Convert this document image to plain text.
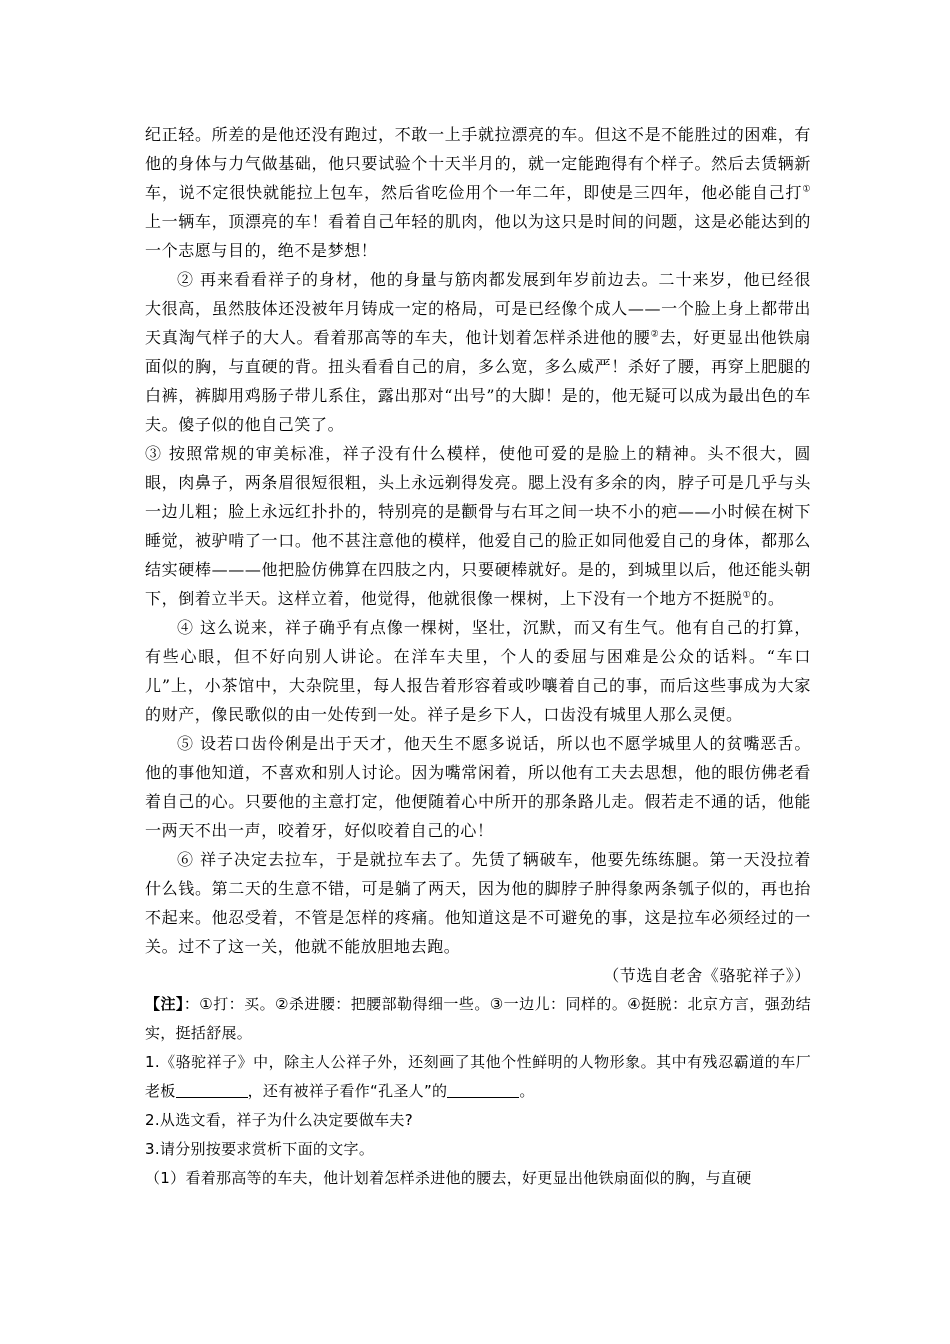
纪正轻。所差的是他还没有跑过，不敢一上手就拉漂亮的车。但这不是不能胜过的困难，有他的身体与力气做基础，他只要试验个十天半月的，就一定能跑得有个样子。然后去赁辆新车，说不定很快就能拉上包车，然后省吃俭用个一年二年，即使是三四年，他必能自己打①上一辆车，顶漂亮的车！看着自己年轻的肌肉，他以为这只是时间的问题，这是必能达到的一个志愿与目的，绝不是梦想！

② 再来看看祥子的身材，他的身量与筋肉都发展到年岁前边去。二十来岁，他已经很大很高，虽然肢体还没被年月铸成一定的格局，可是已经像个成人——一个脸上身上都带出天真淘气样子的大人。看着那高等的车夫，他计划着怎样杀进他的腰②去，好更显出他铁扇面似的胸，与直硬的背。扭头看看自己的肩，多么宽，多么威严！杀好了腰，再穿上肥腿的白裤，裤脚用鸡肠子带儿系住，露出那对“出号”的大脚！是的，他无疑可以成为最出色的车夫。傻子似的他自己笑了。

③ 按照常规的审美标准，祥子没有什么模样，使他可爱的是脸上的精神。头不很大，圆眼，肉鼻子，两条眉很短很粗，头上永远剃得发亮。腮上没有多余的肉，脖子可是几乎与头一边儿粗；脸上永远红扑扑的，特别亮的是颧骨与右耳之间一块不小的疤——小时候在树下睡觉，被驴啃了一口。他不甚注意他的模样，他爱自己的脸正如同他爱自己的身体，都那么结实硬棒———他把脸仿佛算在四肢之内，只要硬棒就好。是的，到城里以后，他还能头朝下，倒着立半天。这样立着，他觉得，他就很像一棵树，上下没有一个地方不挺脱①的。

④ 这么说来，祥子确乎有点像一棵树，坚壮，沉默，而又有生气。他有自己的打算，有些心眼，但不好向别人讲论。在洋车夫里，个人的委屈与困难是公众的话料。“车口儿”上，小茶馆中，大杂院里，每人报告着形容着或吵嚷着自己的事，而后这些事成为大家的财产，像民歌似的由一处传到一处。祥子是乡下人，口齿没有城里人那么灵便。

⑤ 设若口齿伶俐是出于天才，他天生不愿多说话，所以也不愿学城里人的贫嘴恶舌。他的事他知道，不喜欢和别人讨论。因为嘴常闲着，所以他有工夫去思想，他的眼仿佛老看着自己的心。只要他的主意打定，他便随着心中所开的那条路儿走。假若走不通的话，他能一两天不出一声，咬着牙，好似咬着自己的心！

⑥ 祥子决定去拉车，于是就拉车去了。先赁了辆破车，他要先练练腿。第一天没拉着什么钱。第二天的生意不错，可是躺了两天，因为他的脚脖子肿得象两条瓠子似的，再也抬不起来。他忍受着，不管是怎样的疼痛。他知道这是不可避免的事，这是拉车必须经过的一关。过不了这一关，他就不能放胆地去跑。

（节选自老舍《骆驼祥子》）

【注】：①打：买。②杀进腰：把腰部勒得细一些。③一边儿：同样的。④挺脱：北京方言，强劲结实，挺括舒展。

1.《骆驼祥子》中，除主人公祥子外，还刻画了其他个性鲜明的人物形象。其中有残忍霸道的车厂老板	，还有被祥子看作“孔圣人”的	。

2.从选文看，祥子为什么决定要做车夫?

3.请分别按要求赏析下面的文字。

（1）看着那高等的车夫，他计划着怎样杀进他的腰去，好更显出他铁扇面似的胸，与直硬
